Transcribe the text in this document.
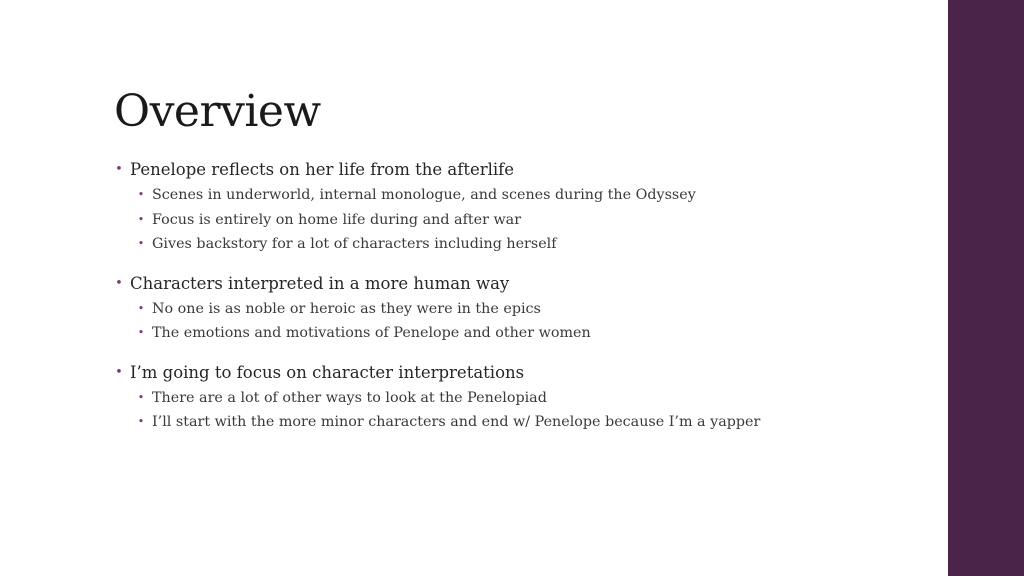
Overview
• Penelope reflects on her life from the afterlife
• Scenes in underworld, internal monologue, and scenes during the Odyssey
• Focus is entirely on home life during and after war
• Gives backstory for a lot of characters including herself
• Characters interpreted in a more human way
• No one is as noble or heroic as they were in the epics
• The emotions and motivations of Penelope and other women
• I’m going to focus on character interpretations
• There are a lot of other ways to look at the Penelopiad
• I’ll start with the more minor characters and end w/ Penelope because I’m a yapper
